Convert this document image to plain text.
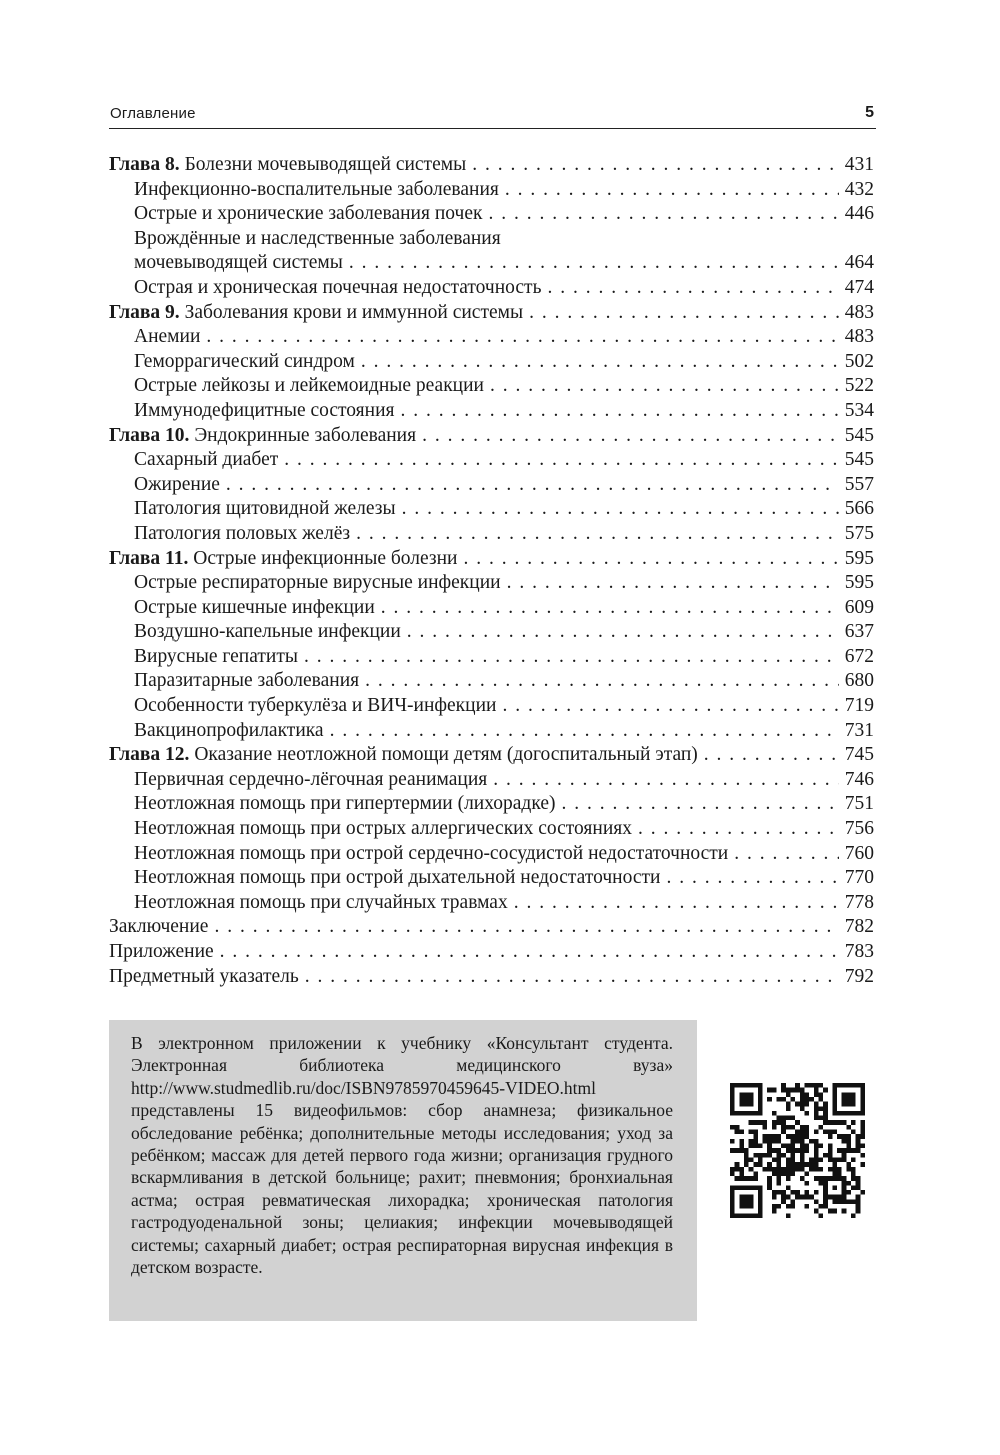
Оглавление	5
Глава 8. Болезни мочевыводящей системы . . .	431
Инфекционно-воспалительные заболевания . . .	432
Острые и хронические заболевания почек . . .	446
Врождённые и наследственные заболевания
мочевыводящей системы . . .	464
Острая и хроническая почечная недостаточность . . .	474
Глава 9. Заболевания крови и иммунной системы . . .	483
Анемии . . .	483
Геморрагический синдром . . .	502
Острые лейкозы и лейкемоидные реакции . . .	522
Иммунодефицитные состояния . . .	534
Глава 10. Эндокринные заболевания . . .	545
Сахарный диабет . . .	545
Ожирение . . .	557
Патология щитовидной железы . . .	566
Патология половых желёз . . .	575
Глава 11. Острые инфекционные болезни . . .	595
Острые респираторные вирусные инфекции . . .	595
Острые кишечные инфекции . . .	609
Воздушно-капельные инфекции . . .	637
Вирусные гепатиты . . .	672
Паразитарные заболевания . . .	680
Особенности туберкулёза и ВИЧ-инфекции . . .	719
Вакцинопрофилактика . . .	731
Глава 12. Оказание неотложной помощи детям (догоспитальный этап) . . .	745
Первичная сердечно-лёгочная реанимация . . .	746
Неотложная помощь при гипертермии (лихорадке) . . .	751
Неотложная помощь при острых аллергических состояниях . . .	756
Неотложная помощь при острой сердечно-сосудистой недостаточности . . .	760
Неотложная помощь при острой дыхательной недостаточности . . .	770
Неотложная помощь при случайных травмах . . .	778
Заключение . . .	782
Приложение . . .	783
Предметный указатель . . .	792
В электронном приложении к учебнику «Консультант студента. Электронная библиотека медицинского вуза» http://www.studmedlib.ru/doc/ISBN9785970459645-VIDEO.html представлены 15 видеофильмов: сбор анамнеза; физикальное обследование ребёнка; дополнительные методы исследования; уход за ребёнком; массаж для детей первого года жизни; организация грудного вскармливания в детской больнице; рахит; пневмония; бронхиальная астма; острая ревматическая лихорадка; хроническая патология гастродуоденальной зоны; целиакия; инфекции мочевыводящей системы; сахарный диабет; острая респираторная вирусная инфекция в детском возрасте.
